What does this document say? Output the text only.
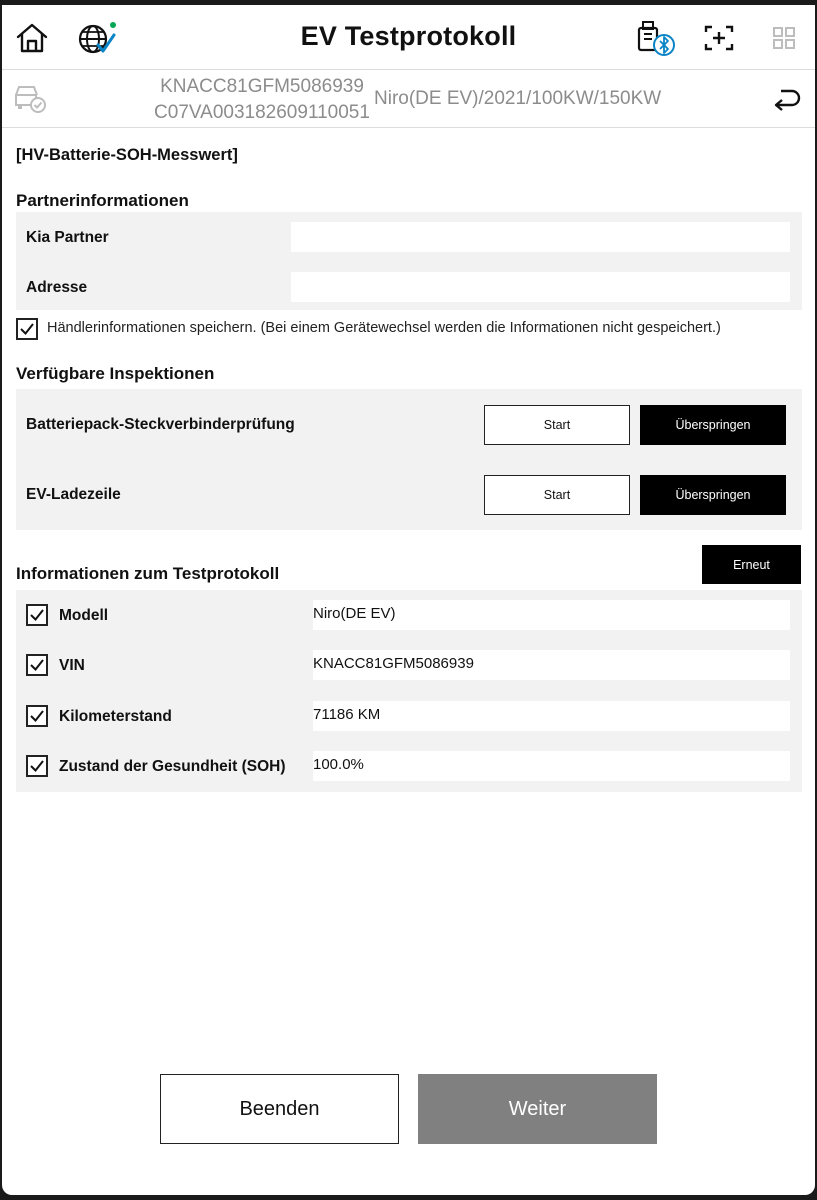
EV Testprotokoll
KNACC81GFM5086939
C07VA003182609110051
Niro(DE EV)/2021/100KW/150KW
[HV-Batterie-SOH-Messwert]
Partnerinformationen
Kia Partner
Adresse
Händlerinformationen speichern. (Bei einem Gerätewechsel werden die Informationen nicht gespeichert.)
Verfügbare Inspektionen
Batteriepack-Steckverbinderprüfung	Start	Überspringen
EV-Ladezeile	Start	Überspringen
Informationen zum Testprotokoll	Erneut
Modell	Niro(DE EV)
VIN	KNACC81GFM5086939
Kilometerstand	71186 KM
Zustand der Gesundheit (SOH) 100.0%
Beenden	Weiter
